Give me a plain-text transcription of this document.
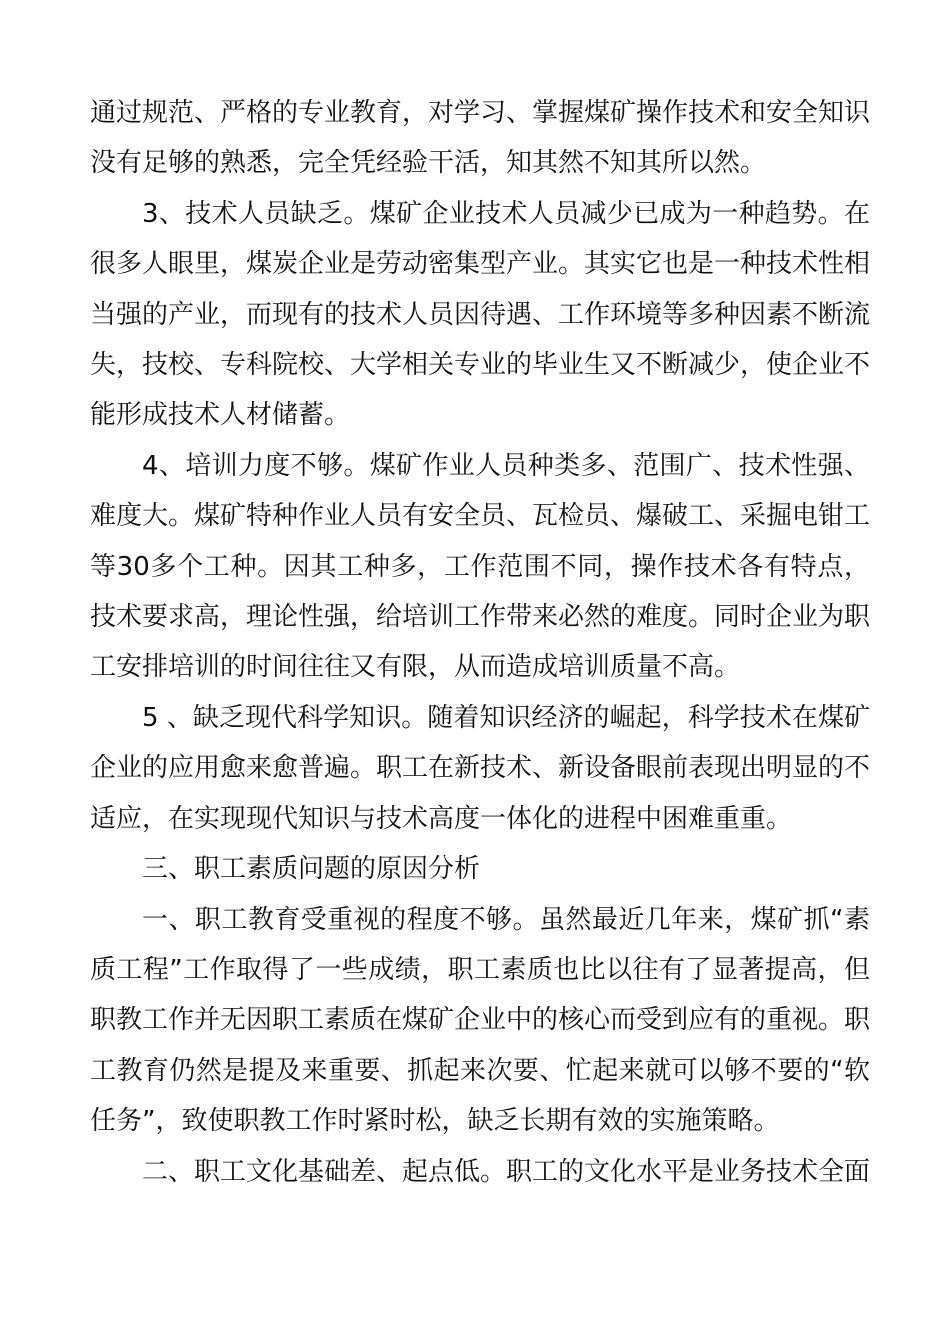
通过规范、严格的专业教育，对学习、掌握煤矿操作技术和安全知识没有足够的熟悉，完全凭经验干活，知其然不知其所以然。

3、技术人员缺乏。煤矿企业技术人员减少已成为一种趋势。在很多人眼里，煤炭企业是劳动密集型产业。其实它也是一种技术性相当强的产业，而现有的技术人员因待遇、工作环境等多种因素不断流失，技校、专科院校、大学相关专业的毕业生又不断减少，使企业不能形成技术人材储蓄。

4、培训力度不够。煤矿作业人员种类多、范围广、技术性强、难度大。煤矿特种作业人员有安全员、瓦检员、爆破工、采掘电钳工等30多个工种。因其工种多，工作范围不同，操作技术各有特点，技术要求高，理论性强，给培训工作带来必然的难度。同时企业为职工安排培训的时间往往又有限，从而造成培训质量不高。

5 、缺乏现代科学知识。随着知识经济的崛起，科学技术在煤矿企业的应用愈来愈普遍。职工在新技术、新设备眼前表现出明显的不适应，在实现现代知识与技术高度一体化的进程中困难重重。

三、职工素质问题的原因分析

一、职工教育受重视的程度不够。虽然最近几年来，煤矿抓“素质工程”工作取得了一些成绩，职工素质也比以往有了显著提高，但职教工作并无因职工素质在煤矿企业中的核心而受到应有的重视。职工教育仍然是提及来重要、抓起来次要、忙起来就可以够不要的“软任务”，致使职教工作时紧时松，缺乏长期有效的实施策略。

二、职工文化基础差、起点低。职工的文化水平是业务技术全面
